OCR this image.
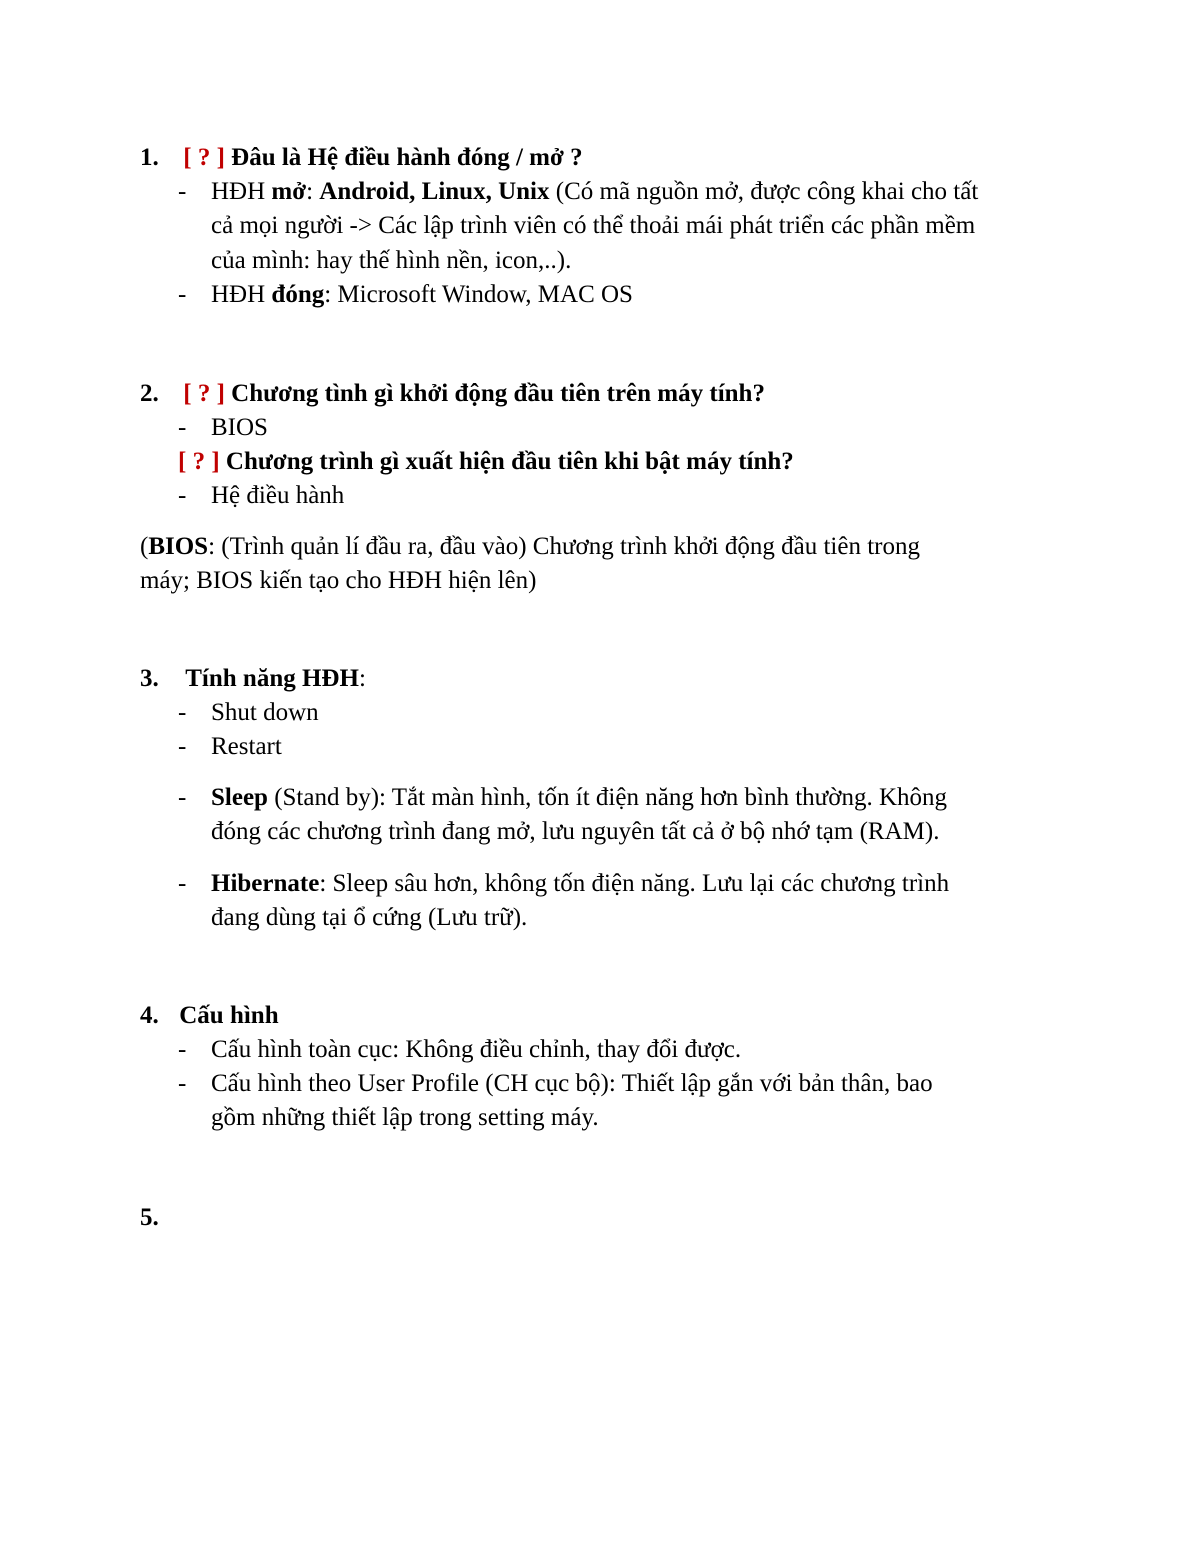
1. [ ? ] Đâu là Hệ điều hành đóng / mở ?
- HĐH mở: Android, Linux, Unix (Có mã nguồn mở, được công khai cho tất
cả mọi người -> Các lập trình viên có thể thoải mái phát triển các phần mềm
của mình: hay thế hình nền, icon,..).
- HĐH đóng: Microsoft Window, MAC OS
2. [ ? ] Chương tình gì khởi động đầu tiên trên máy tính?
- BIOS
[ ? ] Chương trình gì xuất hiện đầu tiên khi bật máy tính?
- Hệ điều hành
(BIOS: (Trình quản lí đầu ra, đầu vào) Chương trình khởi động đầu tiên trong
máy; BIOS kiến tạo cho HĐH hiện lên)
3. Tính năng HĐH:
- Shut down
- Restart
- Sleep (Stand by): Tắt màn hình, tốn ít điện năng hơn bình thường. Không
đóng các chương trình đang mở, lưu nguyên tất cả ở bộ nhớ tạm (RAM).
- Hibernate: Sleep sâu hơn, không tốn điện năng. Lưu lại các chương trình
đang dùng tại ổ cứng (Lưu trữ).
4. Cấu hình
- Cấu hình toàn cục: Không điều chỉnh, thay đổi được.
- Cấu hình theo User Profile (CH cục bộ): Thiết lập gắn với bản thân, bao
gồm những thiết lập trong setting máy.
5.
